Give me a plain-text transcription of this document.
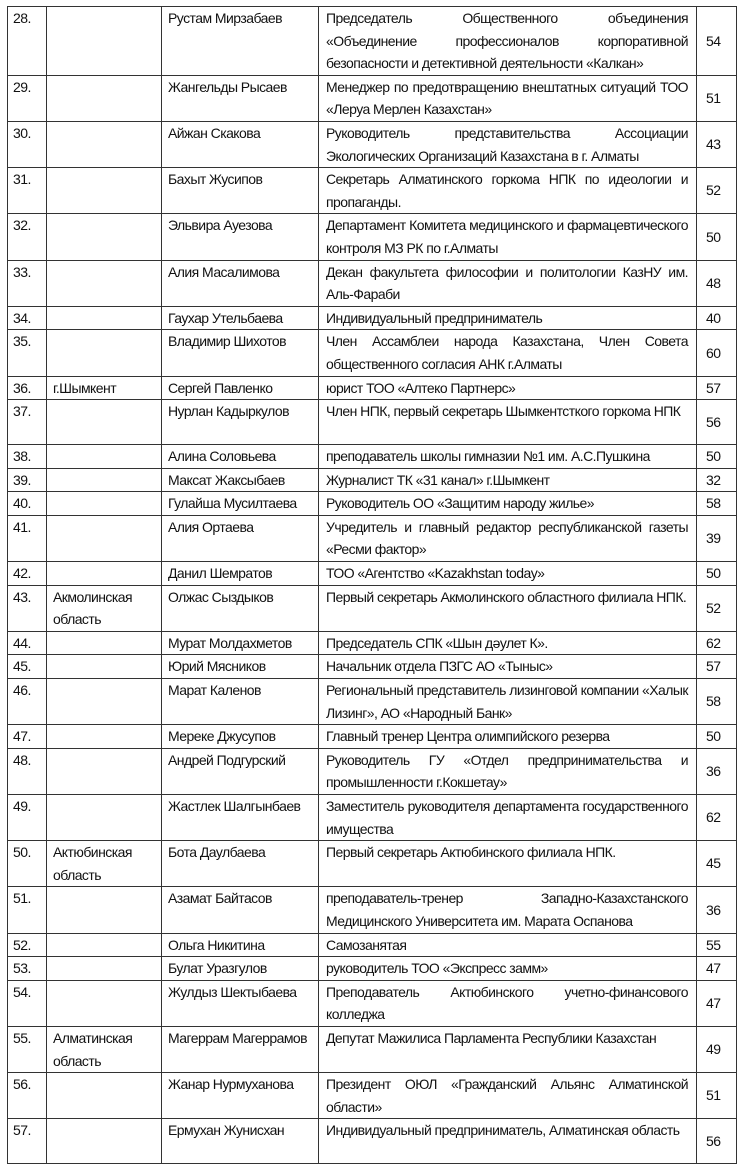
28.		Рустам Мирзабаев	Председатель Общественного объединения «Объединение профессионалов корпоративной безопасности и детективной деятельности «Калкан»	54
29.		Жангельды Рысаев	Менеджер по предотвращению внештатных ситуаций ТОО «Леруа Мерлен Казахстан»	51
30.		Айжан Скакова	Руководитель представительства Ассоциации Экологических Организаций Казахстана в г. Алматы	43
31.		Бахыт Жусипов	Секретарь Алматинского горкома НПК по идеологии и пропаганды.	52
32.		Эльвира Ауезова	Департамент Комитета медицинского и фармацевтического контроля МЗ РК по г.Алматы	50
33.		Алия Масалимова	Декан факультета философии и политологии КазНУ им. Аль-Фараби	48
34.		Гаухар Утельбаева	Индивидуальный предприниматель	40
35.		Владимир Шихотов	Член Ассамблеи народа Казахстана, Член Совета общественного согласия АНК г.Алматы	60
36.	г.Шымкент	Сергей Павленко	юрист ТОО «Алтеко Партнерс»	57
37.		Нурлан Кадыркулов	Член НПК, первый секретарь Шымкентсткого горкома НПК	56
38.		Алина Соловьева	преподаватель школы гимназии №1 им. А.С.Пушкина	50
39.		Максат Жаксыбаев	Журналист ТК «31 канал» г.Шымкент	32
40.		Гулайша Мусилтаева	Руководитель ОО «Защитим народу жилье»	58
41.		Алия Ортаева	Учредитель и главный редактор республиканской газеты «Ресми фактор»	39
42.		Данил Шемратов	ТОО «Агентство «Kazakhstan today»	50
43.	Акмолинская область	Олжас Сыздыков	Первый секретарь Акмолинского областного филиала НПК.	52
44.		Мурат Молдахметов	Председатель СПК «Шын дәулет К».	62
45.		Юрий Мясников	Начальник отдела ПЗГС АО «Тыныс»	57
46.		Марат Каленов	Региональный представитель лизинговой компании «Халык Лизинг», АО «Народный Банк»	58
47.		Мереке Джусупов	Главный тренер Центра олимпийского резерва	50
48.		Андрей Подгурский	Руководитель ГУ «Отдел предпринимательства и промышленности г.Кокшетау»	36
49.		Жастлек Шалгынбаев	Заместитель руководителя департамента государственного имущества	62
50.	Актюбинская область	Бота Даулбаева	Первый секретарь Актюбинского филиала НПК.	45
51.		Азамат Байтасов	преподаватель-тренер Западно-Казахстанского Медицинского Университета им. Марата Оспанова	36
52.		Ольга Никитина	Самозанятая	55
53.		Булат Уразгулов	руководитель ТОО «Экспресс замм»	47
54.		Жулдыз Шектыбаева	Преподаватель Актюбинского учетно-финансового колледжа	47
55.	Алматинская область	Магеррам Магеррамов	Депутат Мажилиса Парламента Республики Казахстан	49
56.		Жанар Нурмуханова	Президент ОЮЛ «Гражданский Альянс Алматинской области»	51
57.		Ермухан Жунисхан	Индивидуальный предприниматель, Алматинская область	56
